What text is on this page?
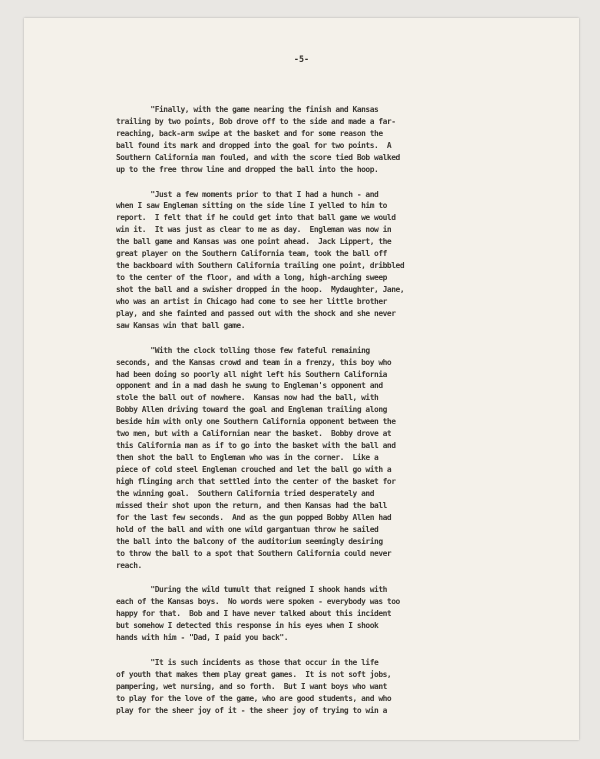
-5-

"Finally, with the game nearing the finish and Kansas
trailing by two points, Bob drove off to the side and made a far-
reaching, back-arm swipe at the basket and for some reason the
ball found its mark and dropped into the goal for two points.  A
Southern California man fouled, and with the score tied Bob walked
up to the free throw line and dropped the ball into the hoop.
"Just a few moments prior to that I had a hunch - and
when I saw Engleman sitting on the side line I yelled to him to
report.  I felt that if he could get into that ball game we would
win it.  It was just as clear to me as day.  Engleman was now in
the ball game and Kansas was one point ahead.  Jack Lippert, the
great player on the Southern California team, took the ball off
the backboard with Southern California trailing one point, dribbled
to the center of the floor, and with a long, high-arching sweep
shot the ball and a swisher dropped in the hoop.  Mydaughter, Jane,
who was an artist in Chicago had come to see her little brother
play, and she fainted and passed out with the shock and she never
saw Kansas win that ball game.
"With the clock tolling those few fateful remaining
seconds, and the Kansas crowd and team in a frenzy, this boy who
had been doing so poorly all night left his Southern California
opponent and in a mad dash he swung to Engleman's opponent and
stole the ball out of nowhere.  Kansas now had the ball, with
Bobby Allen driving toward the goal and Engleman trailing along
beside him with only one Southern California opponent between the
two men, but with a Californian near the basket.  Bobby drove at
this California man as if to go into the basket with the ball and
then shot the ball to Engleman who was in the corner.  Like a
piece of cold steel Engleman crouched and let the ball go with a
high flinging arch that settled into the center of the basket for
the winning goal.  Southern California tried desperately and
missed their shot upon the return, and then Kansas had the ball
for the last few seconds.  And as the gun popped Bobby Allen had
hold of the ball and with one wild gargantuan throw he sailed
the ball into the balcony of the auditorium seemingly desiring
to throw the ball to a spot that Southern California could never
reach.
"During the wild tumult that reigned I shook hands with
each of the Kansas boys.  No words were spoken - everybody was too
happy for that.  Bob and I have never talked about this incident
but somehow I detected this response in his eyes when I shook
hands with him - "Dad, I paid you back".
"It is such incidents as those that occur in the life
of youth that makes them play great games.  It is not soft jobs,
pampering, wet nursing, and so forth.  But I want boys who want
to play for the love of the game, who are good students, and who
play for the sheer joy of it - the sheer joy of trying to win a
